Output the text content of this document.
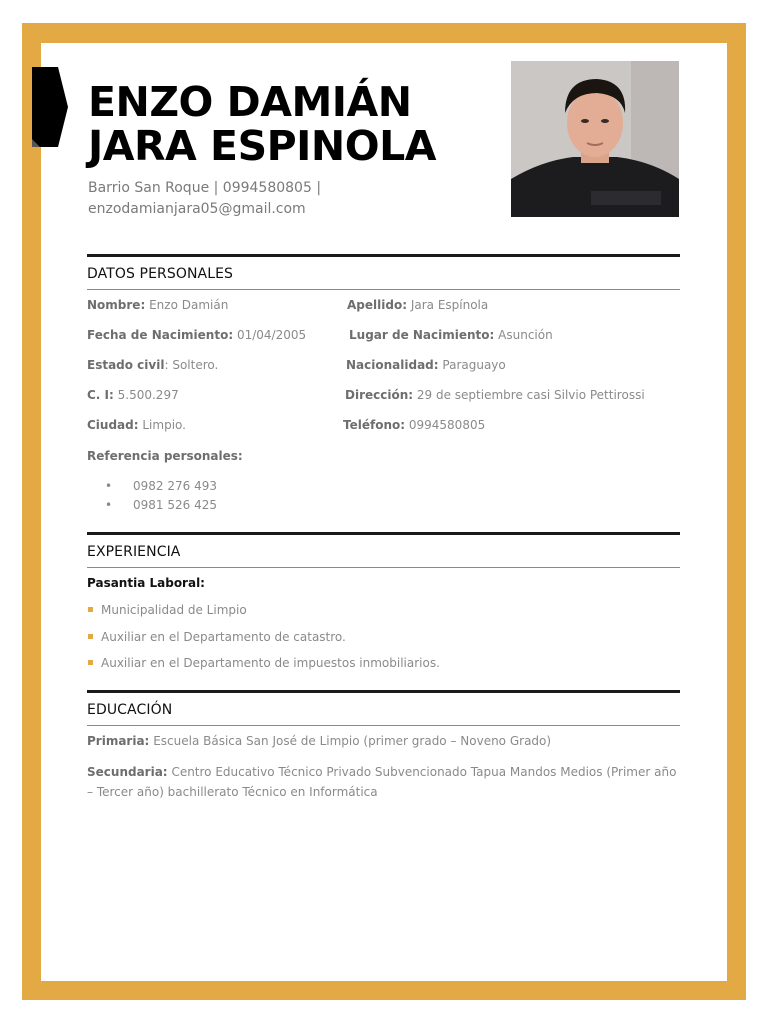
ENZO DAMIÁN
JARA ESPINOLA
Barrio San Roque | 0994580805 |
enzodamianjara05@gmail.com
DATOS PERSONALES
Nombre: Enzo Damián	Apellido: Jara Espínola
Fecha de Nacimiento: 01/04/2005	Lugar de Nacimiento: Asunción
Estado civil: Soltero.	Nacionalidad: Paraguayo
C. I: 5.500.297	Dirección: 29 de septiembre casi Silvio Pettirossi
Ciudad: Limpio.	Teléfono: 0994580805
Referencia personales:
• 0982 276 493
• 0981 526 425
EXPERIENCIA
Pasantia Laboral:
Municipalidad de Limpio
Auxiliar en el Departamento de catastro.
Auxiliar en el Departamento de impuestos inmobiliarios.
EDUCACIÓN
Primaria: Escuela Básica San José de Limpio (primer grado – Noveno Grado)
Secundaria: Centro Educativo Técnico Privado Subvencionado Tapua Mandos Medios (Primer año – Tercer año) bachillerato Técnico en Informática
